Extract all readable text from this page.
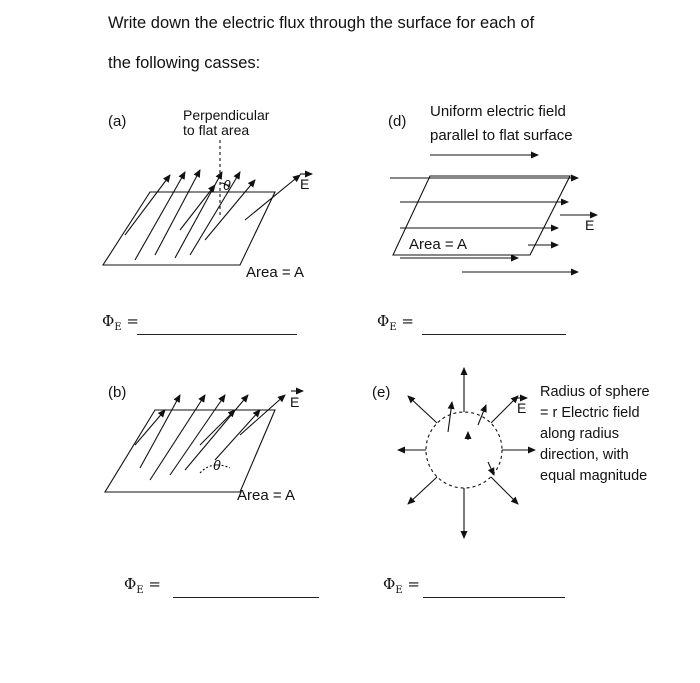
Write down the electric flux through the surface for each of
the following casses:
(a)	Perpendicular
to flat area
θ	E
Area = A
$\Phi_E$ =
(b)
θ
E
Area = A
$\Phi_E$ =
(d)
Uniform electric field
parallel to flat surface
E
Area = A
$\Phi_E$ =
(e)
E
Radius of sphere = r Electric field along radius direction, with equal magnitude
$\Phi_E$ =
